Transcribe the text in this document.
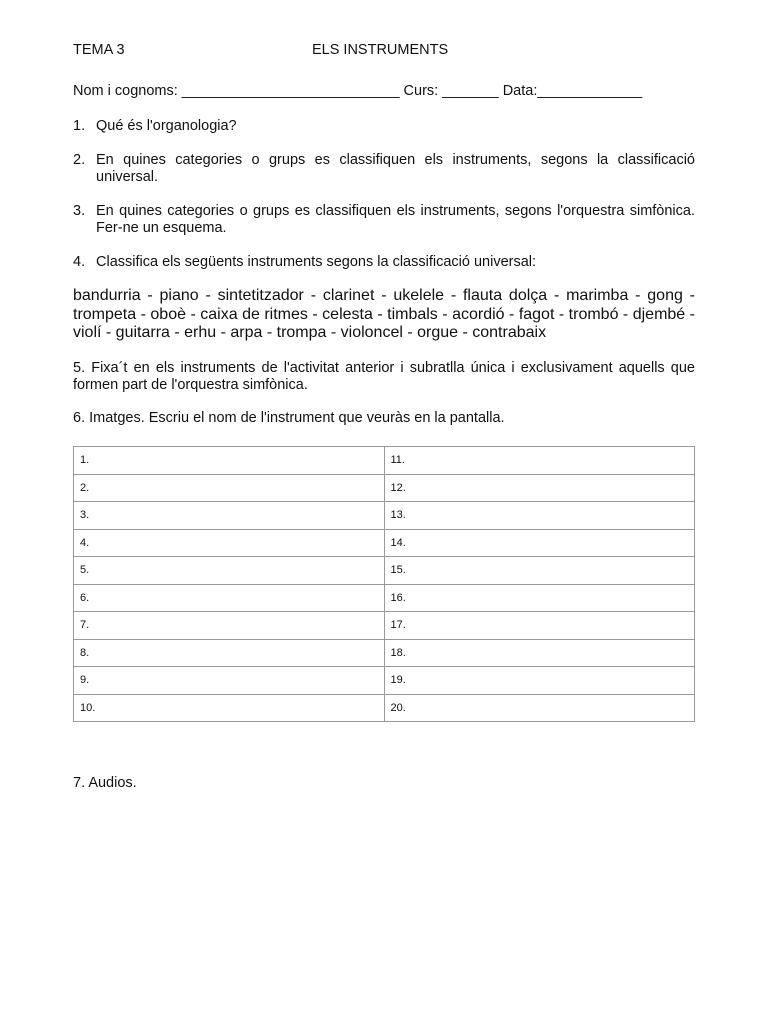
TEMA 3	ELS INSTRUMENTS
Nom i cognoms: ___________________________ Curs: _______ Data:_____________
1. Qué és l'organologia?
2. En quines categories o grups es classifiquen els instruments, segons la classificació universal.
3. En quines categories o grups es classifiquen els instruments, segons l'orquestra simfònica. Fer-ne un esquema.
4. Classifica els següents instruments segons la classificació universal:
bandurria - piano - sintetitzador - clarinet - ukelele - flauta dolça - marimba - gong - trompeta - oboè - caixa de ritmes - celesta - timbals - acordió - fagot - trombó - djembé - violí - guitarra - erhu - arpa - trompa - violoncel - orgue - contrabaix
5. Fixa´t en els instruments de l'activitat anterior i subratlla única i exclusivament aquells que formen part de l'orquestra simfònica.
6. Imatges. Escriu el nom de l'instrument que veuràs en la pantalla.
1.	11.
2.	12.
3.	13.
4.	14.
5.	15.
6.	16.
7.	17.
8.	18.
9.	19.
10.	20.
7. Audios.
